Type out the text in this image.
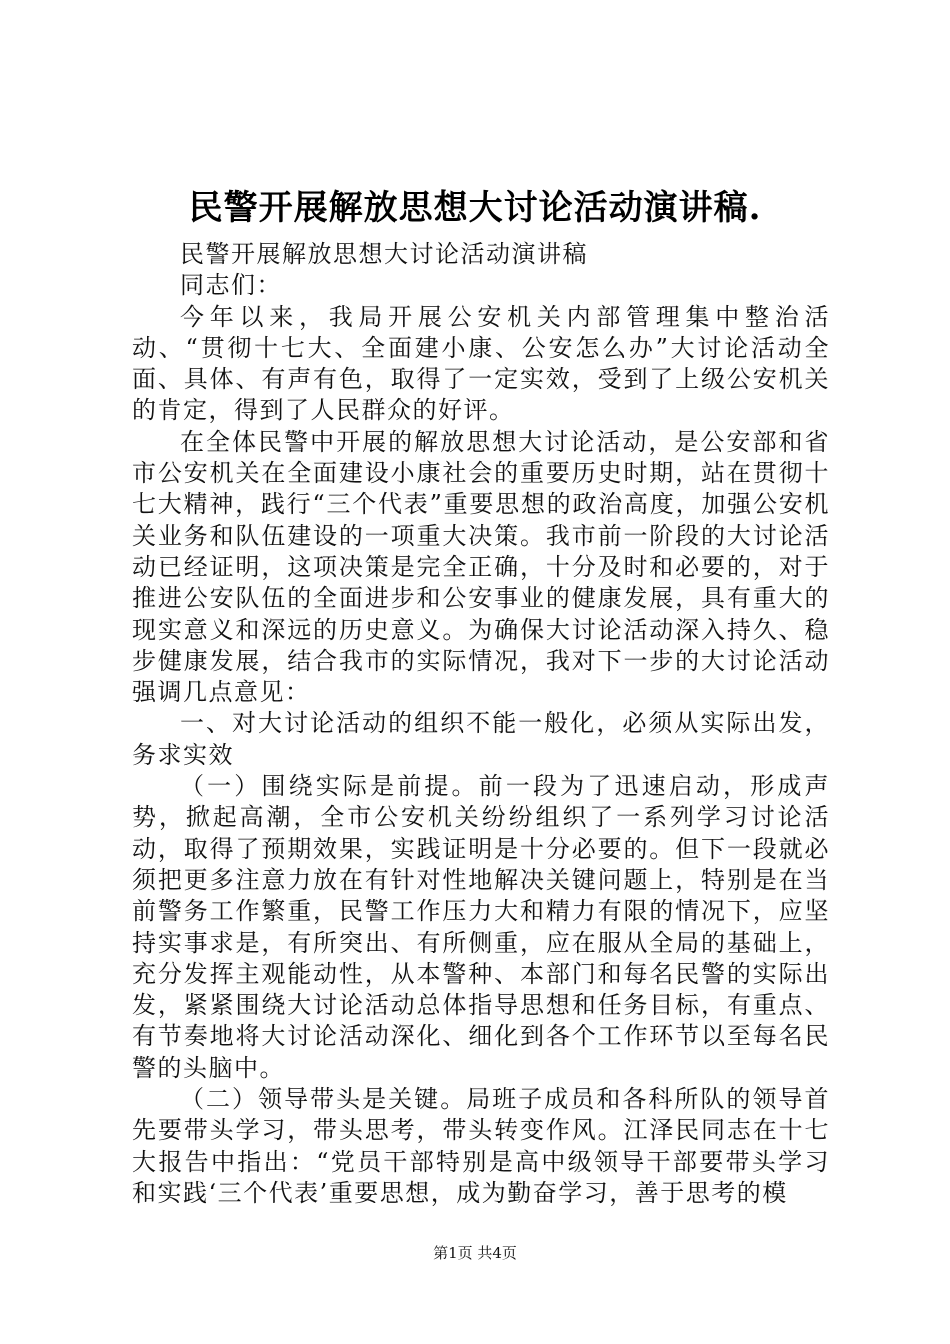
民警开展解放思想大讨论活动演讲稿.

民警开展解放思想大讨论活动演讲稿

同志们：

今年以来，我局开展公安机关内部管理集中整治活动、“贯彻十七大、全面建小康、公安怎么办”大讨论活动全面、具体、有声有色，取得了一定实效，受到了上级公安机关的肯定，得到了人民群众的好评。

在全体民警中开展的解放思想大讨论活动，是公安部和省市公安机关在全面建设小康社会的重要历史时期，站在贯彻十七大精神，践行“三个代表”重要思想的政治高度，加强公安机关业务和队伍建设的一项重大决策。我市前一阶段的大讨论活动已经证明，这项决策是完全正确，十分及时和必要的，对于推进公安队伍的全面进步和公安事业的健康发展，具有重大的现实意义和深远的历史意义。为确保大讨论活动深入持久、稳步健康发展，结合我市的实际情况，我对下一步的大讨论活动强调几点意见：

一、对大讨论活动的组织不能一般化，必须从实际出发，务求实效

（一）围绕实际是前提。前一段为了迅速启动，形成声势，掀起高潮，全市公安机关纷纷组织了一系列学习讨论活动，取得了预期效果，实践证明是十分必要的。但下一段就必须把更多注意力放在有针对性地解决关键问题上，特别是在当前警务工作繁重，民警工作压力大和精力有限的情况下，应坚持实事求是，有所突出、有所侧重，应在服从全局的基础上，充分发挥主观能动性，从本警种、本部门和每名民警的实际出发，紧紧围绕大讨论活动总体指导思想和任务目标，有重点、有节奏地将大讨论活动深化、细化到各个工作环节以至每名民警的头脑中。

（二）领导带头是关键。局班子成员和各科所队的领导首先要带头学习，带头思考，带头转变作风。江泽民同志在十七大报告中指出：“党员干部特别是高中级领导干部要带头学习和实践‘三个代表’重要思想，成为勤奋学习，善于思考的模

第1页 共4页
